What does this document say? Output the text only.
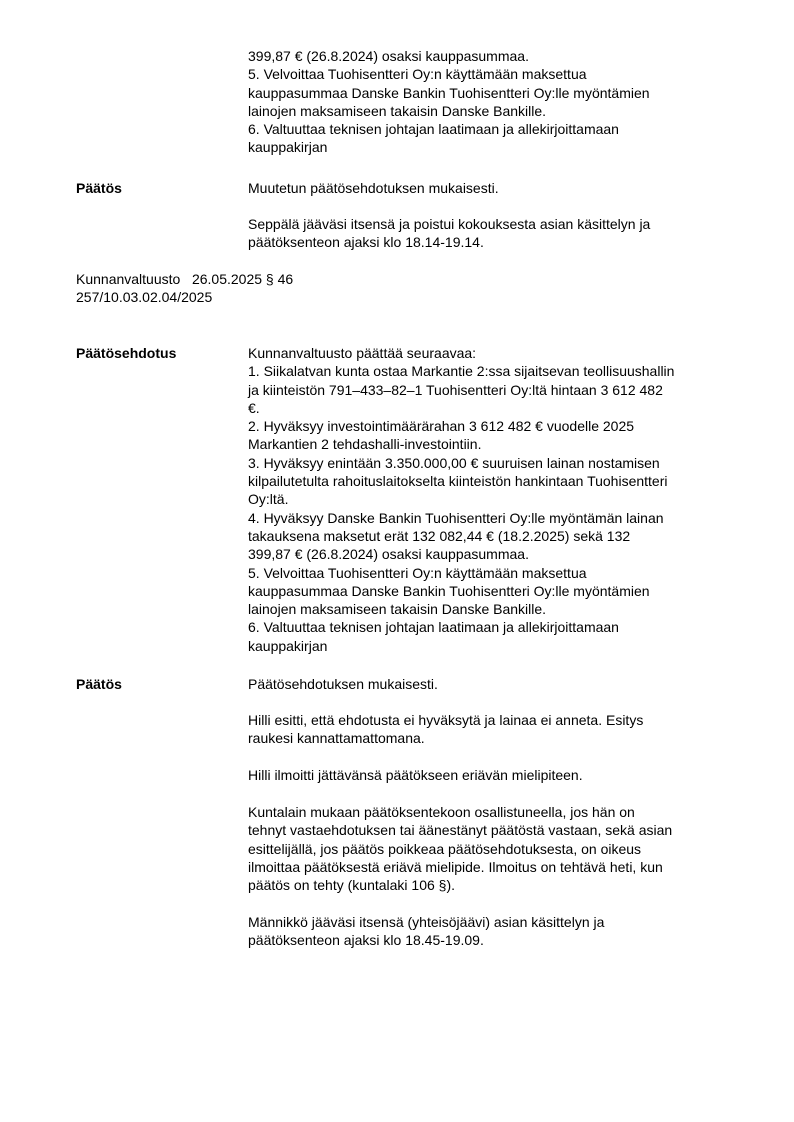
399,87 € (26.8.2024) osaksi kauppasummaa.
5. Velvoittaa Tuohisentteri Oy:n käyttämään maksettua
kauppasummaa Danske Bankin Tuohisentteri Oy:lle myöntämien
lainojen maksamiseen takaisin Danske Bankille.
6. Valtuuttaa teknisen johtajan laatimaan ja allekirjoittamaan
kauppakirjan
Päätös	Muutetun päätösehdotuksen mukaisesti.
Seppälä jääväsi itsensä ja poistui kokouksesta asian käsittelyn ja
päätöksenteon ajaksi klo 18.14-19.14.
Kunnanvaltuusto   26.05.2025 § 46
257/10.03.02.04/2025
Päätösehdotus	Kunnanvaltuusto päättää seuraavaa:
1. Siikalatvan kunta ostaa Markantie 2:ssa sijaitsevan teollisuushallin
ja kiinteistön 791–433–82–1 Tuohisentteri Oy:ltä hintaan 3 612 482
€.
2. Hyväksyy investointimäärärahan 3 612 482 € vuodelle 2025
Markantien 2 tehdashalli-investointiin.
3. Hyväksyy enintään 3.350.000,00 € suuruisen lainan nostamisen
kilpailutetulta rahoituslaitokselta kiinteistön hankintaan Tuohisentteri
Oy:ltä.
4. Hyväksyy Danske Bankin Tuohisentteri Oy:lle myöntämän lainan
takauksena maksetut erät 132 082,44 € (18.2.2025) sekä 132
399,87 € (26.8.2024) osaksi kauppasummaa.
5. Velvoittaa Tuohisentteri Oy:n käyttämään maksettua
kauppasummaa Danske Bankin Tuohisentteri Oy:lle myöntämien
lainojen maksamiseen takaisin Danske Bankille.
6. Valtuuttaa teknisen johtajan laatimaan ja allekirjoittamaan
kauppakirjan
Päätös	Päätösehdotuksen mukaisesti.
Hilli esitti, että ehdotusta ei hyväksytä ja lainaa ei anneta. Esitys
raukesi kannattamattomana.
Hilli ilmoitti jättävänsä päätökseen eriävän mielipiteen.
Kuntalain mukaan päätöksentekoon osallistuneella, jos hän on
tehnyt vastaehdotuksen tai äänestänyt päätöstä vastaan, sekä asian
esittelijällä, jos päätös poikkeaa päätösehdotuksesta, on oikeus
ilmoittaa päätöksestä eriävä mielipide. Ilmoitus on tehtävä heti, kun
päätös on tehty (kuntalaki 106 §).
Männikkö jääväsi itsensä (yhteisöjäävi) asian käsittelyn ja
päätöksenteon ajaksi klo 18.45-19.09.
